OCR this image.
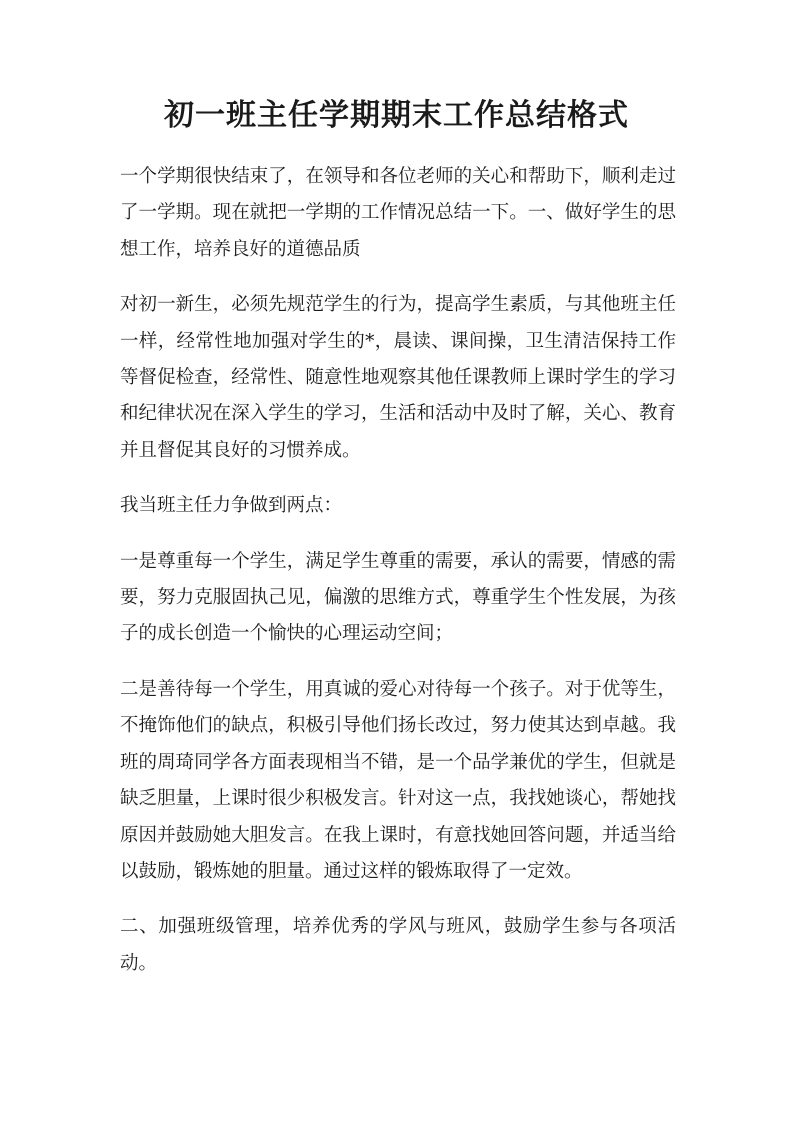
初一班主任学期期末工作总结格式

一个学期很快结束了，在领导和各位老师的关心和帮助下，顺利走过了一学期。现在就把一学期的工作情况总结一下。一、做好学生的思想工作，培养良好的道德品质

对初一新生，必须先规范学生的行为，提高学生素质，与其他班主任一样，经常性地加强对学生的*，晨读、课间操，卫生清洁保持工作等督促检查，经常性、随意性地观察其他任课教师上课时学生的学习和纪律状况在深入学生的学习，生活和活动中及时了解，关心、教育并且督促其良好的习惯养成。

我当班主任力争做到两点：

一是尊重每一个学生，满足学生尊重的需要，承认的需要，情感的需要，努力克服固执己见，偏激的思维方式，尊重学生个性发展，为孩子的成长创造一个愉快的心理运动空间；

二是善待每一个学生，用真诚的爱心对待每一个孩子。对于优等生，不掩饰他们的缺点，积极引导他们扬长改过，努力使其达到卓越。我班的周琦同学各方面表现相当不错，是一个品学兼优的学生，但就是缺乏胆量，上课时很少积极发言。针对这一点，我找她谈心，帮她找原因并鼓励她大胆发言。在我上课时，有意找她回答问题，并适当给以鼓励，锻炼她的胆量。通过这样的锻炼取得了一定效。

二、加强班级管理，培养优秀的学风与班风，鼓励学生参与各项活动。
